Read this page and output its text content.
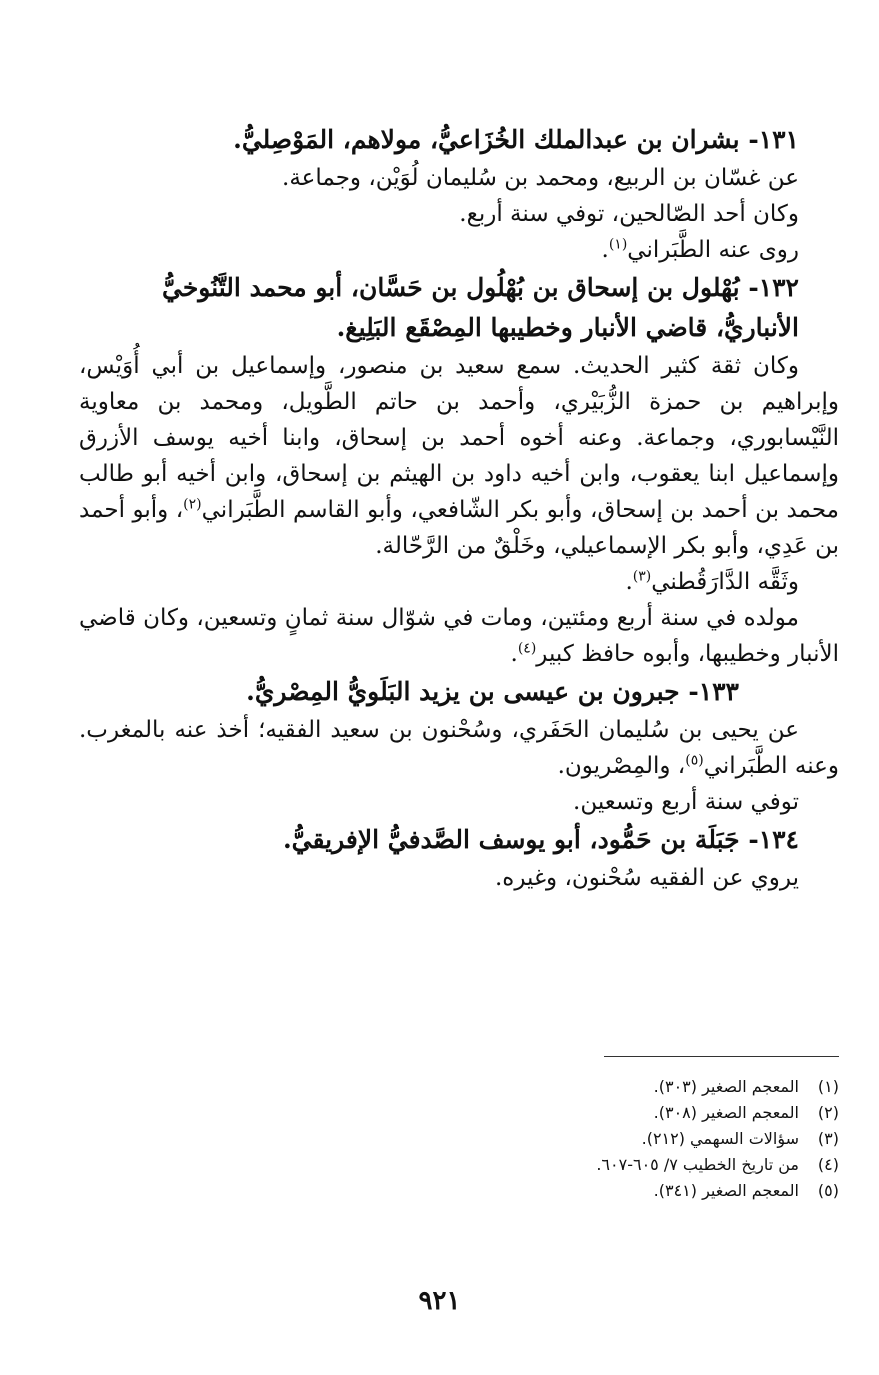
١٣١- بشران بن عبدالملك الخُزَاعيُّ، مولاهم، المَوْصِليُّ.

عن غسّان بن الربيع، ومحمد بن سُليمان لُوَيْن، وجماعة.

وكان أحد الصّالحين، توفي سنة أربع.

روى عنه الطَّبَراني$^{(١)}$.

١٣٢- بُهْلول بن إسحاق بن بُهْلُول بن حَسَّان، أبو محمد التَّنُوخيُّ الأنباريُّ، قاضي الأنبار وخطيبها المِصْقَع البَلِيغ.

وكان ثقة كثير الحديث. سمع سعيد بن منصور، وإسماعيل بن أبي أُوَيْس، وإبراهيم بن حمزة الزُّبَيْري، وأحمد بن حاتم الطَّويل، ومحمد بن معاوية النَّيْسابوري، وجماعة. وعنه أخوه أحمد بن إسحاق، وابنا أخيه يوسف الأزرق وإسماعيل ابنا يعقوب، وابن أخيه داود بن الهيثم بن إسحاق، وابن أخيه أبو طالب محمد بن أحمد بن إسحاق، وأبو بكر الشّافعي، وأبو القاسم الطَّبَراني$^{(٢)}$، وأبو أحمد بن عَدِي، وأبو بكر الإسماعيلي، وخَلْقٌ من الرَّحّالة.

وثَقَّه الدَّارَقُطني$^{(٣)}$.

مولده في سنة أربع ومئتين، ومات في شوّال سنة ثمانٍ وتسعين، وكان قاضي الأنبار وخطيبها، وأبوه حافظ كبير$^{(٤)}$.

١٣٣- جبرون بن عيسى بن يزيد البَلَويُّ المِصْريُّ.

عن يحيى بن سُليمان الحَفَري، وسُحْنون بن سعيد الفقيه؛ أخذ عنه بالمغرب. وعنه الطَّبَراني$^{(٥)}$، والمِصْريون.

توفي سنة أربع وتسعين.

١٣٤- جَبَلَة بن حَمُّود، أبو يوسف الصَّدفيُّ الإفريقيُّ.

يروي عن الفقيه سُحْنون، وغيره.

(١)المعجم الصغير (٣٠٣).

(٢)المعجم الصغير (٣٠٨).

(٣)سؤالات السهمي (٢١٢).

(٤)من تاريخ الخطيب ٧/ ٦٠٥-٦٠٧.

(٥)المعجم الصغير (٣٤١).

٩٢١
